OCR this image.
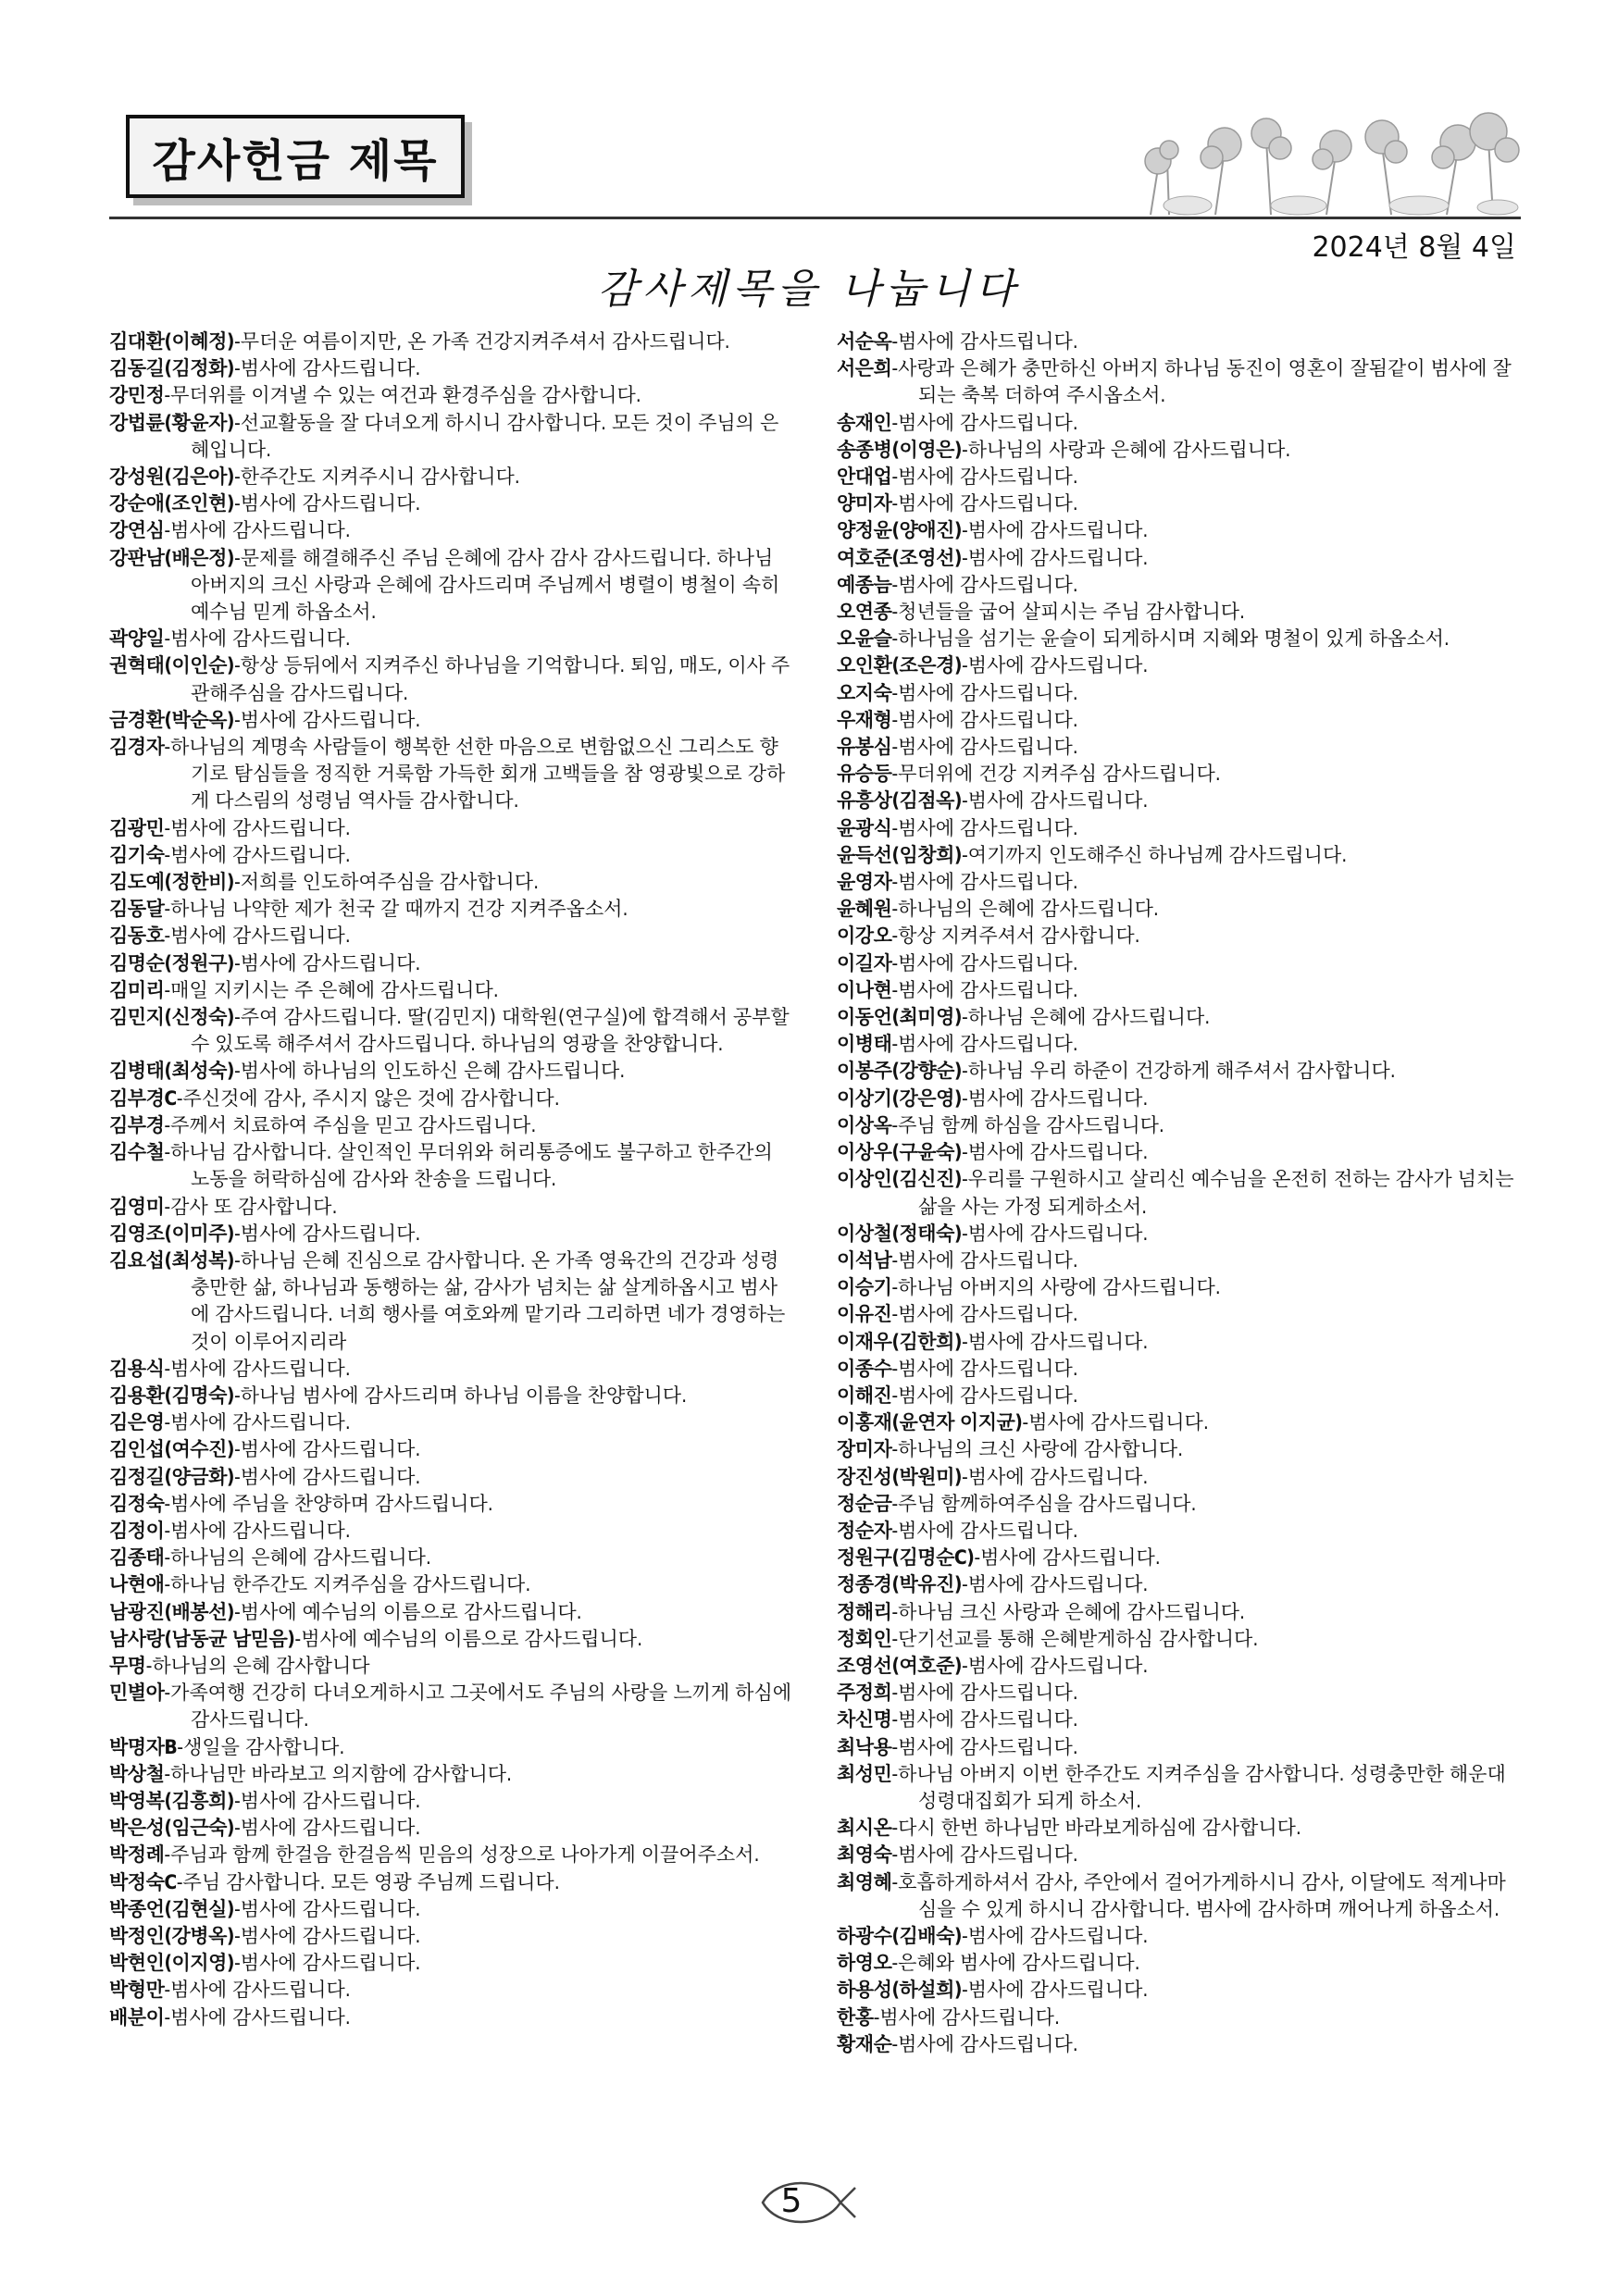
감사헌금 제목
2024년 8월 4일
감사제목을 나눕니다
김대환(이혜정)-무더운 여름이지만, 온 가족 건강지켜주셔서 감사드립니다.
김동길(김정화)-범사에 감사드립니다.
강민정-무더위를 이겨낼 수 있는 여건과 환경주심을 감사합니다.
강법륜(황윤자)-선교활동을 잘 다녀오게 하시니 감사합니다. 모든 것이 주님의 은혜입니다.
강성원(김은아)-한주간도 지켜주시니 감사합니다.
강순애(조인현)-범사에 감사드립니다.
강연심-범사에 감사드립니다.
강판남(배은정)-문제를 해결해주신 주님 은혜에 감사 감사 감사드립니다. 하나님 아버지의 크신 사랑과 은혜에 감사드리며 주님께서 병렬이 병철이 속히 예수님 믿게 하옵소서.
곽양일-범사에 감사드립니다.
권혁태(이인순)-항상 등뒤에서 지켜주신 하나님을 기억합니다. 퇴임, 매도, 이사 주관해주심을 감사드립니다.
금경환(박순옥)-범사에 감사드립니다.
김경자-하나님의 계명속 사람들이 행복한 선한 마음으로 변함없으신 그리스도 향기로 탐심들을 정직한 거룩함 가득한 회개 고백들을 참 영광빛으로 강하게 다스림의 성령님 역사들 감사합니다.
김광민-범사에 감사드립니다.
김기숙-범사에 감사드립니다.
김도예(정한비)-저희를 인도하여주심을 감사합니다.
김동달-하나님 나약한 제가 천국 갈 때까지 건강 지켜주옵소서.
김동호-범사에 감사드립니다.
김명순(정원구)-범사에 감사드립니다.
김미리-매일 지키시는 주 은혜에 감사드립니다.
김민지(신정숙)-주여 감사드립니다. 딸(김민지) 대학원(연구실)에 합격해서 공부할 수 있도록 해주셔서 감사드립니다. 하나님의 영광을 찬양합니다.
김병태(최성숙)-범사에 하나님의 인도하신 은혜 감사드립니다.
김부경C-주신것에 감사, 주시지 않은 것에 감사합니다.
김부경-주께서 치료하여 주심을 믿고 감사드립니다.
김수철-하나님 감사합니다. 살인적인 무더위와 허리통증에도 불구하고 한주간의 노동을 허락하심에 감사와 찬송을 드립니다.
김영미-감사 또 감사합니다.
김영조(이미주)-범사에 감사드립니다.
김요섭(최성복)-하나님 은혜 진심으로 감사합니다. 온 가족 영육간의 건강과 성령충만한 삶, 하나님과 동행하는 삶, 감사가 넘치는 삶 살게하옵시고 범사에 감사드립니다. 너희 행사를 여호와께 맡기라 그리하면 네가 경영하는 것이 이루어지리라
김용식-범사에 감사드립니다.
김용환(김명숙)-하나님 범사에 감사드리며 하나님 이름을 찬양합니다.
김은영-범사에 감사드립니다.
김인섭(여수진)-범사에 감사드립니다.
김정길(양금화)-범사에 감사드립니다.
김정숙-범사에 주님을 찬양하며 감사드립니다.
김정이-범사에 감사드립니다.
김종태-하나님의 은혜에 감사드립니다.
나현애-하나님 한주간도 지켜주심을 감사드립니다.
남광진(배봉선)-범사에 예수님의 이름으로 감사드립니다.
남사랑(남동균 남믿음)-범사에 예수님의 이름으로 감사드립니다.
무명-하나님의 은혜 감사합니다
민별아-가족여행 건강히 다녀오게하시고 그곳에서도 주님의 사랑을 느끼게 하심에 감사드립니다.
박명자B-생일을 감사합니다.
박상철-하나님만 바라보고 의지함에 감사합니다.
박영복(김흥희)-범사에 감사드립니다.
박은성(임근숙)-범사에 감사드립니다.
박정례-주님과 함께 한걸음 한걸음씩 믿음의 성장으로 나아가게 이끌어주소서.
박정숙C-주님 감사합니다. 모든 영광 주님께 드립니다.
박종언(김현실)-범사에 감사드립니다.
박정인(강병옥)-범사에 감사드립니다.
박현인(이지영)-범사에 감사드립니다.
박형만-범사에 감사드립니다.
배분이-범사에 감사드립니다.
서순옥-범사에 감사드립니다.
서은희-사랑과 은혜가 충만하신 아버지 하나님 동진이 영혼이 잘됨같이 범사에 잘 되는 축복 더하여 주시옵소서.
송재인-범사에 감사드립니다.
송종병(이영은)-하나님의 사랑과 은혜에 감사드립니다.
안대업-범사에 감사드립니다.
양미자-범사에 감사드립니다.
양정윤(양애진)-범사에 감사드립니다.
여호준(조영선)-범사에 감사드립니다.
예종늠-범사에 감사드립니다.
오연종-청년들을 굽어 살피시는 주님 감사합니다.
오윤슬-하나님을 섬기는 윤슬이 되게하시며 지혜와 명철이 있게 하옵소서.
오인환(조은경)-범사에 감사드립니다.
오지숙-범사에 감사드립니다.
우재형-범사에 감사드립니다.
유봉심-범사에 감사드립니다.
유승등-무더위에 건강 지켜주심 감사드립니다.
유흥상(김점옥)-범사에 감사드립니다.
윤광식-범사에 감사드립니다.
윤득선(임창희)-여기까지 인도해주신 하나님께 감사드립니다.
윤영자-범사에 감사드립니다.
윤혜원-하나님의 은혜에 감사드립니다.
이강오-항상 지켜주셔서 감사합니다.
이길자-범사에 감사드립니다.
이나현-범사에 감사드립니다.
이동언(최미영)-하나님 은혜에 감사드립니다.
이병태-범사에 감사드립니다.
이봉주(강향순)-하나님 우리 하준이 건강하게 해주셔서 감사합니다.
이상기(강은영)-범사에 감사드립니다.
이상옥-주님 함께 하심을 감사드립니다.
이상우(구윤숙)-범사에 감사드립니다.
이상인(김신진)-우리를 구원하시고 살리신 예수님을 온전히 전하는 감사가 넘치는 삶을 사는 가정 되게하소서.
이상철(정태숙)-범사에 감사드립니다.
이석남-범사에 감사드립니다.
이승기-하나님 아버지의 사랑에 감사드립니다.
이유진-범사에 감사드립니다.
이재우(김한희)-범사에 감사드립니다.
이종수-범사에 감사드립니다.
이해진-범사에 감사드립니다.
이홍재(윤연자 이지균)-범사에 감사드립니다.
장미자-하나님의 크신 사랑에 감사합니다.
장진성(박원미)-범사에 감사드립니다.
정순금-주님 함께하여주심을 감사드립니다.
정순자-범사에 감사드립니다.
정원구(김명순C)-범사에 감사드립니다.
정종경(박유진)-범사에 감사드립니다.
정해리-하나님 크신 사랑과 은혜에 감사드립니다.
정회인-단기선교를 통해 은혜받게하심 감사합니다.
조영선(여호준)-범사에 감사드립니다.
주정희-범사에 감사드립니다.
차신명-범사에 감사드립니다.
최낙용-범사에 감사드립니다.
최성민-하나님 아버지 이번 한주간도 지켜주심을 감사합니다. 성령충만한 해운대성령대집회가 되게 하소서.
최시온-다시 한번 하나님만 바라보게하심에 감사합니다.
최영숙-범사에 감사드립니다.
최영혜-호흡하게하셔서 감사, 주안에서 걸어가게하시니 감사, 이달에도 적게나마 심을 수 있게 하시니 감사합니다. 범사에 감사하며 깨어나게 하옵소서.
하광수(김배숙)-범사에 감사드립니다.
하영오-은혜와 범사에 감사드립니다.
하용성(하설희)-범사에 감사드립니다.
한홍-범사에 감사드립니다.
황재순-범사에 감사드립니다.
5
